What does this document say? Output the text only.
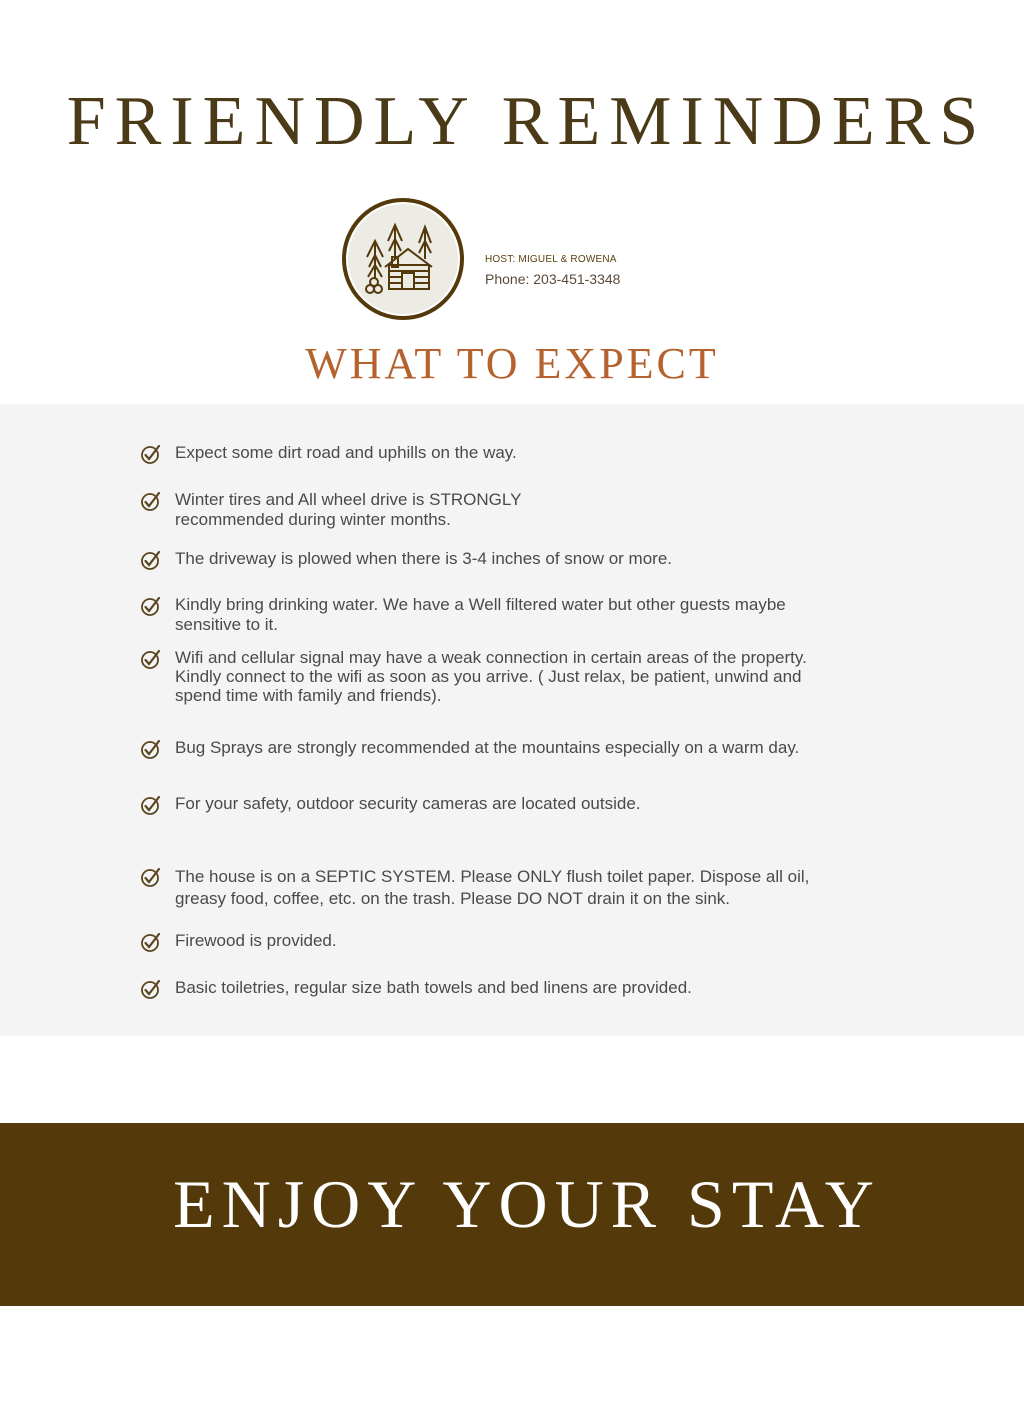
FRIENDLY REMINDERS
HOST: MIGUEL & ROWENA
Phone: 203-451-3348
WHAT TO EXPECT
Expect some dirt road and uphills on the way.
Winter tires and All wheel drive is STRONGLY recommended during winter months.
The driveway is plowed when there is 3-4 inches of snow or more.
Kindly bring drinking water. We have a Well filtered water but other guests maybe sensitive to it.
Wifi and cellular signal may have a weak connection in certain areas of the property. Kindly connect to the wifi as soon as you arrive. ( Just relax, be patient, unwind and spend time with family and friends).
Bug Sprays are strongly recommended at the mountains especially on a warm day.
For your safety, outdoor security cameras are located outside.
The house is on a SEPTIC SYSTEM. Please ONLY flush toilet paper. Dispose all oil, greasy food, coffee, etc. on the trash. Please DO NOT drain it on the sink.
Firewood is provided.
Basic toiletries, regular size bath towels and bed linens are provided.
ENJOY YOUR STAY
